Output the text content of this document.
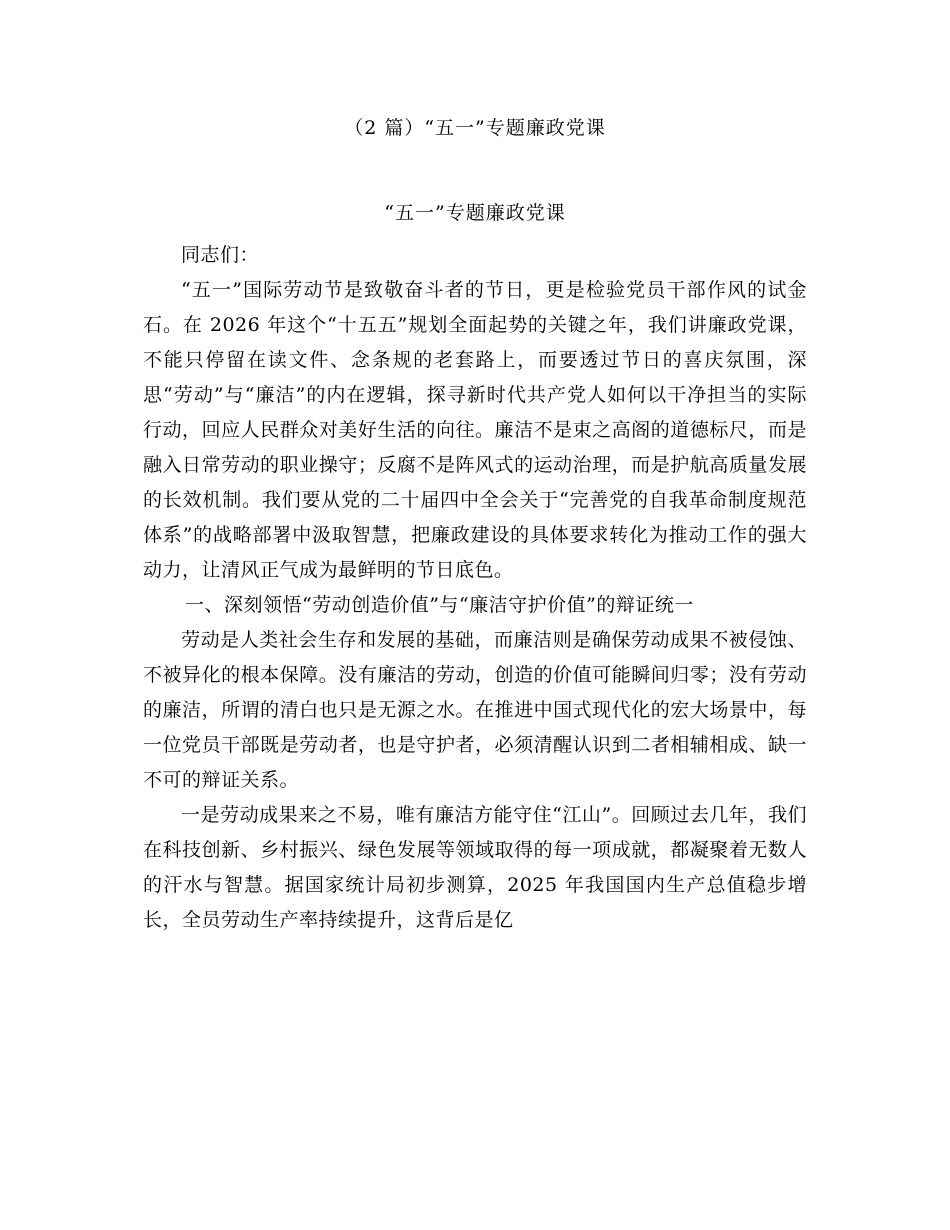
（2 篇）“五一”专题廉政党课
“五一”专题廉政党课

同志们：

“五一”国际劳动节是致敬奋斗者的节日，更是检验党员干部作风的试金石。在 2026 年这个“十五五”规划全面起势的关键之年，我们讲廉政党课，不能只停留在读文件、念条规的老套路上，而要透过节日的喜庆氛围，深思“劳动”与“廉洁”的内在逻辑，探寻新时代共产党人如何以干净担当的实际行动，回应人民群众对美好生活的向往。廉洁不是束之高阁的道德标尺，而是融入日常劳动的职业操守；反腐不是阵风式的运动治理，而是护航高质量发展的长效机制。我们要从党的二十届四中全会关于“完善党的自我革命制度规范体系”的战略部署中汲取智慧，把廉政建设的具体要求转化为推动工作的强大动力，让清风正气成为最鲜明的节日底色。

一、深刻领悟“劳动创造价值”与“廉洁守护价值”的辩证统一

劳动是人类社会生存和发展的基础，而廉洁则是确保劳动成果不被侵蚀、不被异化的根本保障。没有廉洁的劳动，创造的价值可能瞬间归零；没有劳动的廉洁，所谓的清白也只是无源之水。在推进中国式现代化的宏大场景中，每一位党员干部既是劳动者，也是守护者，必须清醒认识到二者相辅相成、缺一不可的辩证关系。

一是劳动成果来之不易，唯有廉洁方能守住“江山”。回顾过去几年，我们在科技创新、乡村振兴、绿色发展等领域取得的每一项成就，都凝聚着无数人的汗水与智慧。据国家统计局初步测算，2025 年我国国内生产总值稳步增长，全员劳动生产率持续提升，这背后是亿
